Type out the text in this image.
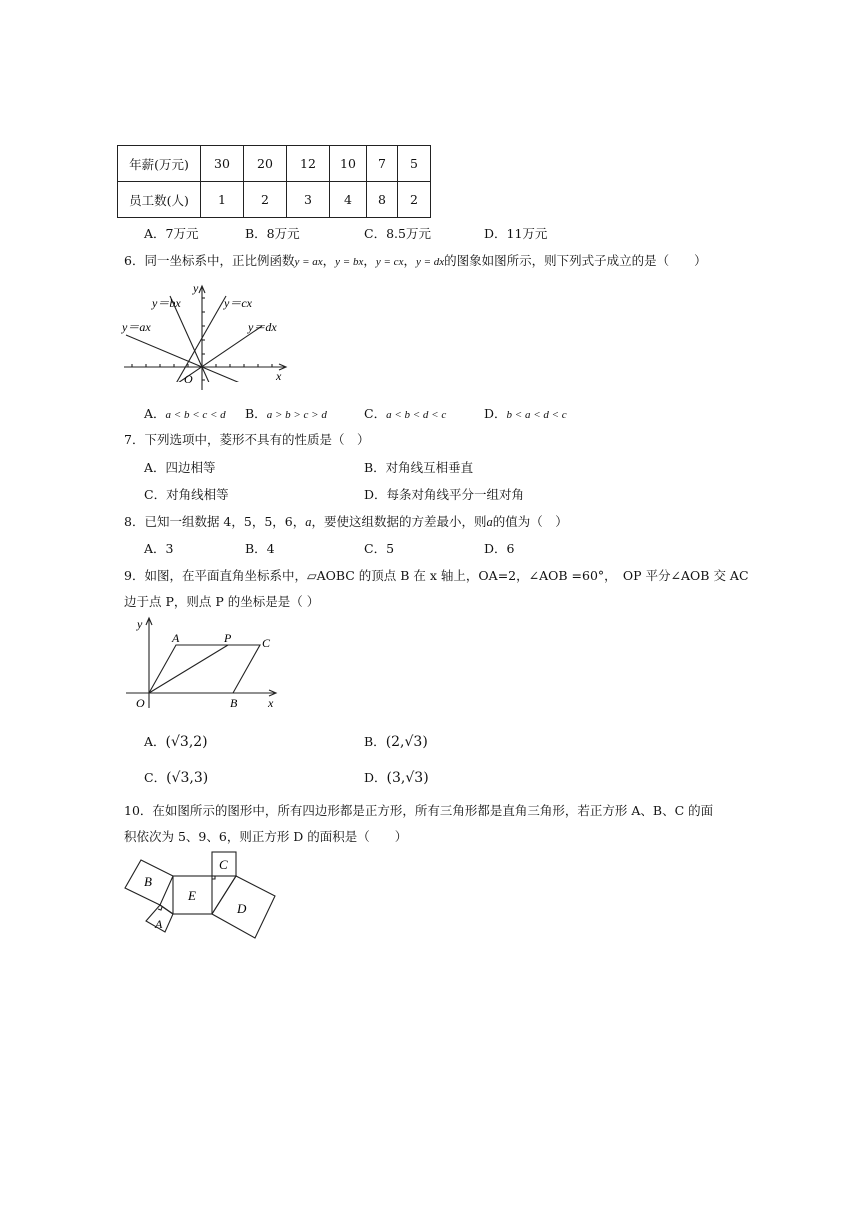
年薪(万元)	30	20	12	10	7	5
员工数(人)	1	2	3	4	8	2
A．7万元	B．8万元	C．8.5万元	D．11万元
6．同一坐标系中，正比例函数y = ax，y = bx，y = cx，y = dx的图象如图所示，则下列式子成立的是（　　）
y＝bx	y＝cx
y＝ax	y＝dx
y
x
O
A．a < b < c < d B．a > b > c > d	C．a < b < d < c	D．b < a < d < c
7．下列选项中，菱形不具有的性质是（　）
A．四边相等	B．对角线互相垂直
C．对角线相等	D．每条对角线平分一组对角
8．已知一组数据 4，5，5，6，a，要使这组数据的方差最小，则a的值为（　）
A．3	B．4	C．5	D．6
9．如图，在平面直角坐标系中，▱AOBC 的顶点 B 在 x 轴上，OA=2，∠AOB =60°，　OP 平分∠AOB 交 AC
边于点 P，则点 P 的坐标是是（ ）
y
x
O
A	P	C
B
A．(√3,2)	B．(2,√3)
C．(√3,3)	D．(3,√3)
10．在如图所示的图形中，所有四边形都是正方形，所有三角形都是直角三角形，若正方形 A、B、C 的面
积依次为 5、9、6，则正方形 D 的面积是（　　）
B
A
E
C
D
